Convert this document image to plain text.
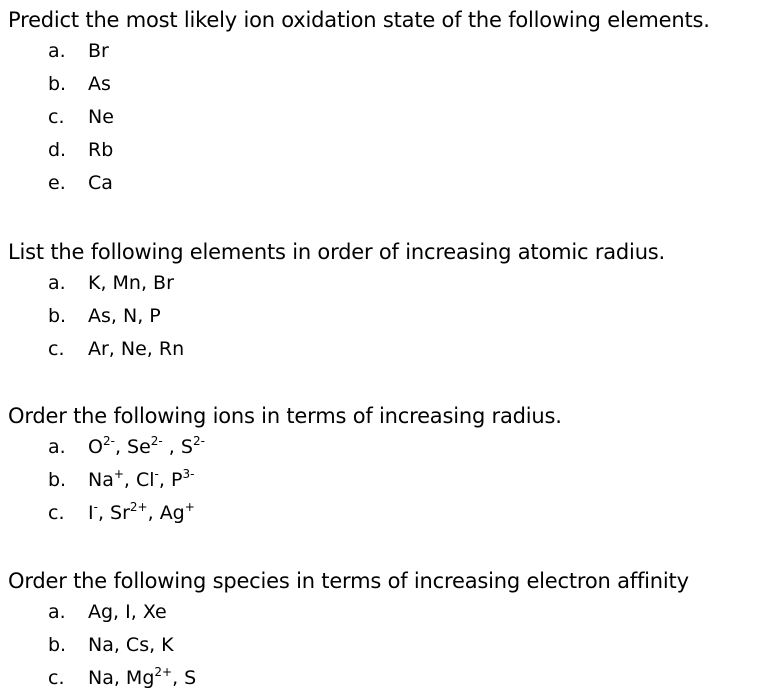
Predict the most likely ion oxidation state of the following elements.
a. Br
b. As
c. Ne
d. Rb
e. Ca
List the following elements in order of increasing atomic radius.
a. K, Mn, Br
b. As, N, P
c. Ar, Ne, Rn
Order the following ions in terms of increasing radius.
a. $O^{2-}$, $Se^{2-}$ , $S^{2-}$
b. Na+, Cl-, $P^{3-}$
c. I-, $Sr^{2+}$, Ag+
Order the following species in terms of increasing electron affinity
a. Ag, I, Xe
b. Na, Cs, K
c. Na, $Mg^{2+}$, S
